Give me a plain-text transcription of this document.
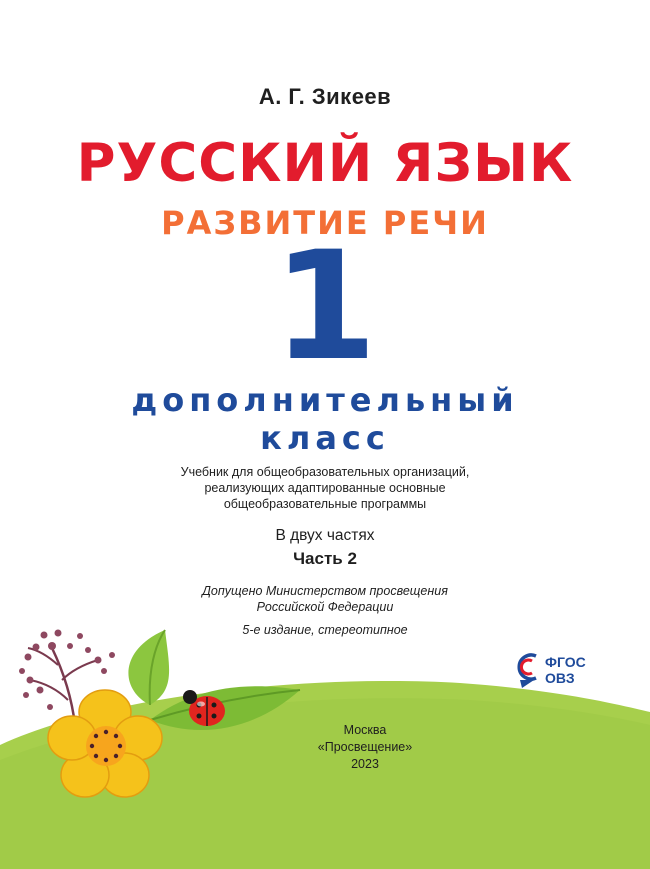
А. Г. Зикеев
РУССКИЙ ЯЗЫК
РАЗВИТИЕ РЕЧИ
1
дополнительный
класс
Учебник для общеобразовательных организаций,
реализующих адаптированные основные
общеобразовательные программы
В двух частях
Часть 2
Допущено Министерством просвещения
Российской Федерации
5-е издание, стереотипное
Москва
«Просвещение»
2023
ФГОС
ОВЗ
